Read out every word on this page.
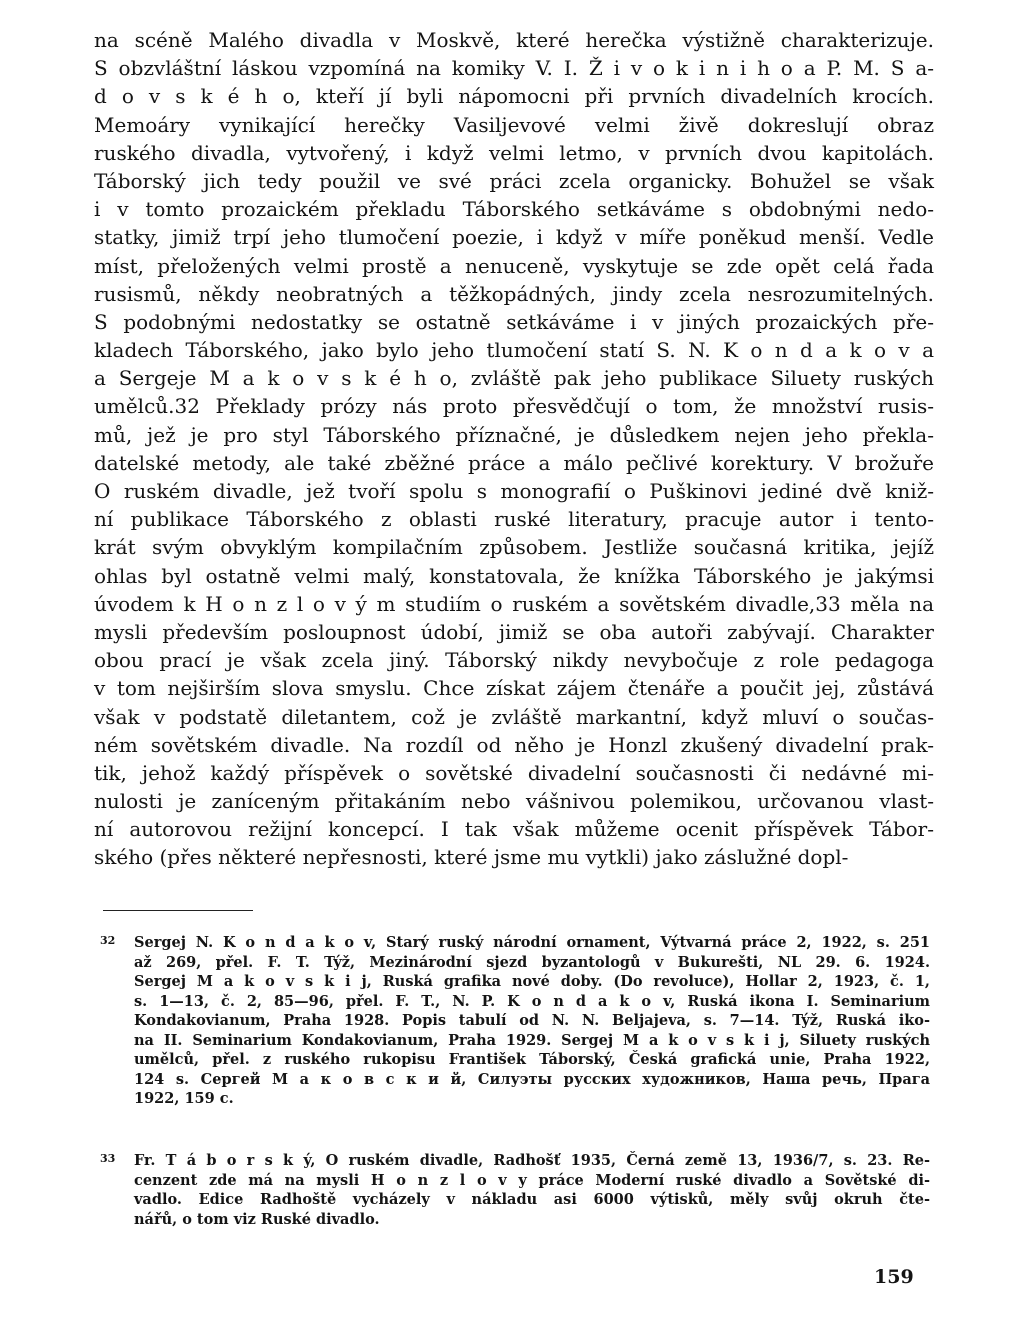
na scéně Malého divadla v Moskvě, které herečka výstižně charakterizuje.
S obzvláštní láskou vzpomíná na komiky V. I. Ž i v o k i n i h o a P. M. S a-
d o v s k é h o, kteří jí byli nápomocni při prvních divadelních krocích.
Memoáry vynikající herečky Vasiljevové velmi živě dokreslují obraz
ruského divadla, vytvořený, i když velmi letmo, v prvních dvou kapitolách.
Táborský jich tedy použil ve své práci zcela organicky. Bohužel se však
i v tomto prozaickém překladu Táborského setkáváme s obdobnými nedo-
statky, jimiž trpí jeho tlumočení poezie, i když v míře poněkud menší. Vedle
míst, přeložených velmi prostě a nenuceně, vyskytuje se zde opět celá řada
rusismů, někdy neobratných a těžkopádných, jindy zcela nesrozumitelných.
S podobnými nedostatky se ostatně setkáváme i v jiných prozaických pře-
kladech Táborského, jako bylo jeho tlumočení statí S. N. K o n d a k o v a
a Sergeje M a k o v s k é h o, zvláště pak jeho publikace Siluety ruských
umělců.32 Překlady prózy nás proto přesvědčují o tom, že množství rusis-
mů, jež je pro styl Táborského příznačné, je důsledkem nejen jeho překla-
datelské metody, ale také zběžné práce a málo pečlivé korektury. V brožuře
O ruském divadle, jež tvoří spolu s monografií o Puškinovi jediné dvě kniž-
ní publikace Táborského z oblasti ruské literatury, pracuje autor i tento-
krát svým obvyklým kompilačním způsobem. Jestliže současná kritika, jejíž
ohlas byl ostatně velmi malý, konstatovala, že knížka Táborského je jakýmsi
úvodem k H o n z l o v ý m studiím o ruském a sovětském divadle,33 měla na
mysli především posloupnost údobí, jimiž se oba autoři zabývají. Charakter
obou prací je však zcela jiný. Táborský nikdy nevybočuje z role pedagoga
v tom nejširším slova smyslu. Chce získat zájem čtenáře a poučit jej, zůstává
však v podstatě diletantem, což je zvláště markantní, když mluví o součas-
ném sovětském divadle. Na rozdíl od něho je Honzl zkušený divadelní prak-
tik, jehož každý příspěvek o sovětské divadelní současnosti či nedávné mi-
nulosti je zaníceným přitakáním nebo vášnivou polemikou, určovanou vlast-
ní autorovou režijní koncepcí. I tak však můžeme ocenit příspěvek Tábor-
ského (přes některé nepřesnosti, které jsme mu vytkli) jako záslužné dopl-
32	Sergej N. K o n d a k o v, Starý ruský národní ornament, Výtvarná práce 2, 1922, s. 251
až 269, přel. F. T. Týž, Mezinárodní sjezd byzantologů v Bukurešti, NL 29. 6. 1924.
Sergej M a k o v s k i j, Ruská grafika nové doby. (Do revoluce), Hollar 2, 1923, č. 1,
s. 1—13, č. 2, 85—96, přel. F. T., N. P. K o n d a k o v, Ruská ikona I. Seminarium
Kondakovianum, Praha 1928. Popis tabulí od N. N. Beljajeva, s. 7—14. Týž, Ruská iko-
na II. Seminarium Kondakovianum, Praha 1929. Sergej M a k o v s k i j, Siluety ruských
umělců, přel. z ruského rukopisu František Táborský, Česká grafická unie, Praha 1922,
124 s. Сергей М а к о в с к и й, Силуэты русских художников, Наша речь, Прага
1922, 159 c.
33	Fr. T á b o r s k ý, O ruském divadle, Radhošť 1935, Černá země 13, 1936/7, s. 23. Re-
cenzent zde má na mysli H o n z l o v y práce Moderní ruské divadlo a Sovětské di-
vadlo. Edice Radhoště vycházely v nákladu asi 6000 výtisků, měly svůj okruh čte-
nářů, o tom viz Ruské divadlo.
159
